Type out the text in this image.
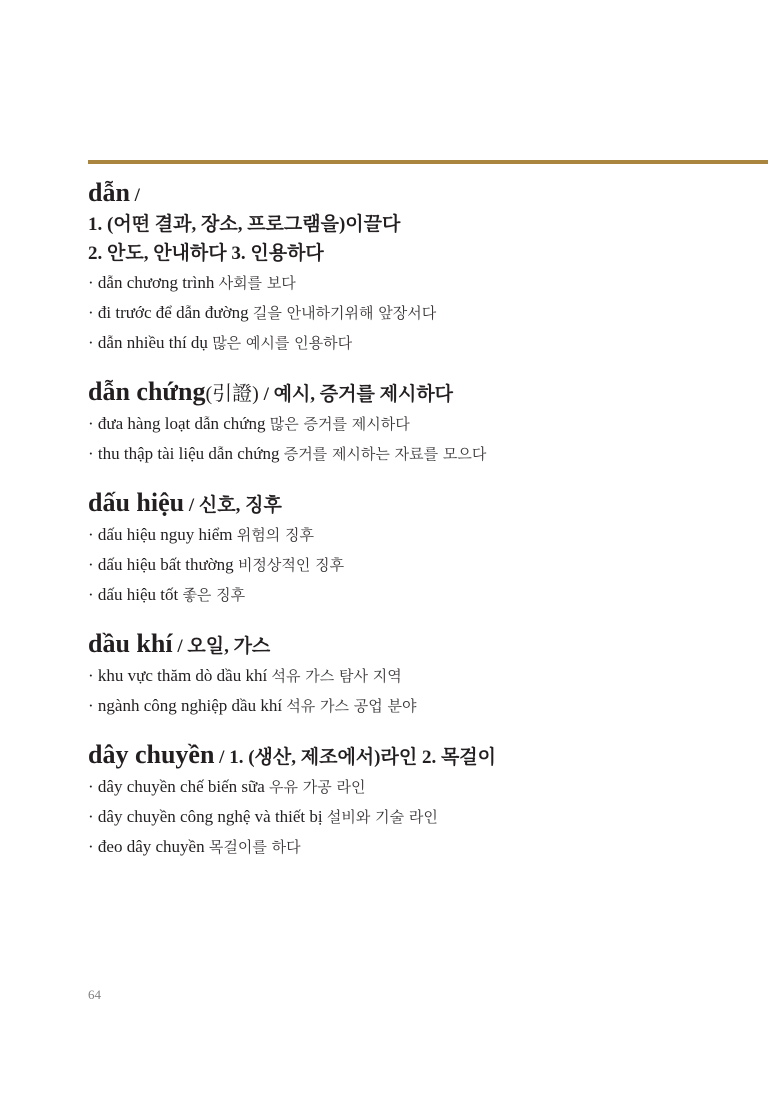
dẫn /

1. (어떤 결과, 장소, 프로그램을)이끌다

2. 안도, 안내하다 3. 인용하다

· dẫn chương trình 사회를 보다

· đi trước để dẫn đường 길을 안내하기위해 앞장서다

· dẫn nhiều thí dụ 많은 예시를 인용하다

dẫn chứng(引證) / 예시, 증거를 제시하다

· đưa hàng loạt dẫn chứng 많은 증거를 제시하다

· thu thập tài liệu dẫn chứng 증거를 제시하는 자료를 모으다

dấu hiệu / 신호, 징후

· dấu hiệu nguy hiểm 위험의 징후

· dấu hiệu bất thường 비정상적인 징후

· dấu hiệu tốt 좋은 징후

dầu khí / 오일, 가스

· khu vực thăm dò dầu khí 석유 가스 탐사 지역

· ngành công nghiệp dầu khí 석유 가스 공업 분야

dây chuyền / 1. (생산, 제조에서)라인 2. 목걸이

· dây chuyền chế biến sữa 우유 가공 라인

· dây chuyền công nghệ và thiết bị 설비와 기술 라인

· đeo dây chuyền 목걸이를 하다

64
